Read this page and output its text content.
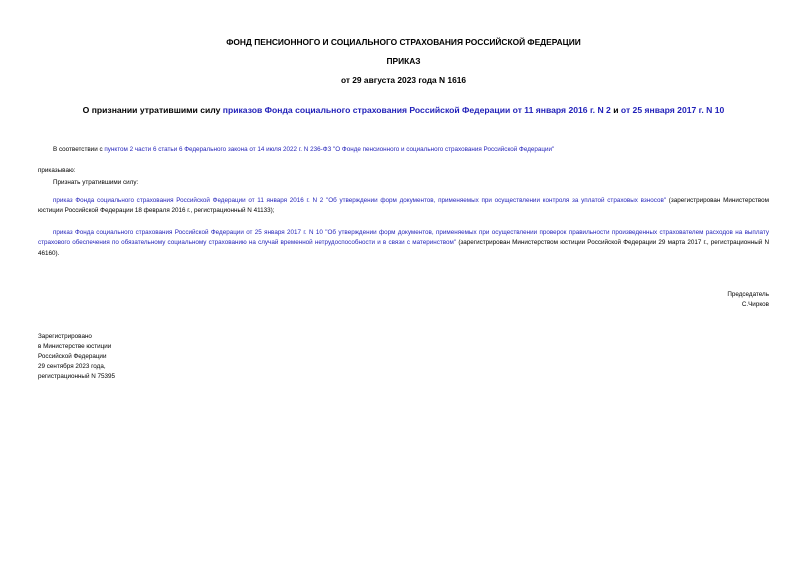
ФОНД ПЕНСИОННОГО И СОЦИАЛЬНОГО СТРАХОВАНИЯ РОССИЙСКОЙ ФЕДЕРАЦИИ
ПРИКАЗ
от 29 августа 2023 года N 1616
О признании утратившими силу приказов Фонда социального страхования Российской Федерации от 11 января 2016 г. N 2 и от 25 января 2017 г. N 10
В соответствии с пунктом 2 части 6 статьи 6 Федерального закона от 14 июля 2022 г. N 236-ФЗ "О Фонде пенсионного и социального страхования Российской Федерации"
приказываю:
Признать утратившими силу:
приказ Фонда социального страхования Российской Федерации от 11 января 2016 г. N 2 "Об утверждении форм документов, применяемых при осуществлении контроля за уплатой страховых взносов" (зарегистрирован Министерством юстиции Российской Федерации 18 февраля 2016 г., регистрационный N 41133);
приказ Фонда социального страхования Российской Федерации от 25 января 2017 г. N 10 "Об утверждении форм документов, применяемых при осуществлении проверок правильности произведенных страхователем расходов на выплату страхового обеспечения по обязательному социальному страхованию на случай временной нетрудоспособности и в связи с материнством" (зарегистрирован Министерством юстиции Российской Федерации 29 марта 2017 г., регистрационный N 46160).
Председатель
С.Чирков
Зарегистрировано
в Министерстве юстиции
Российской Федерации
29 сентября 2023 года,
регистрационный N 75395
